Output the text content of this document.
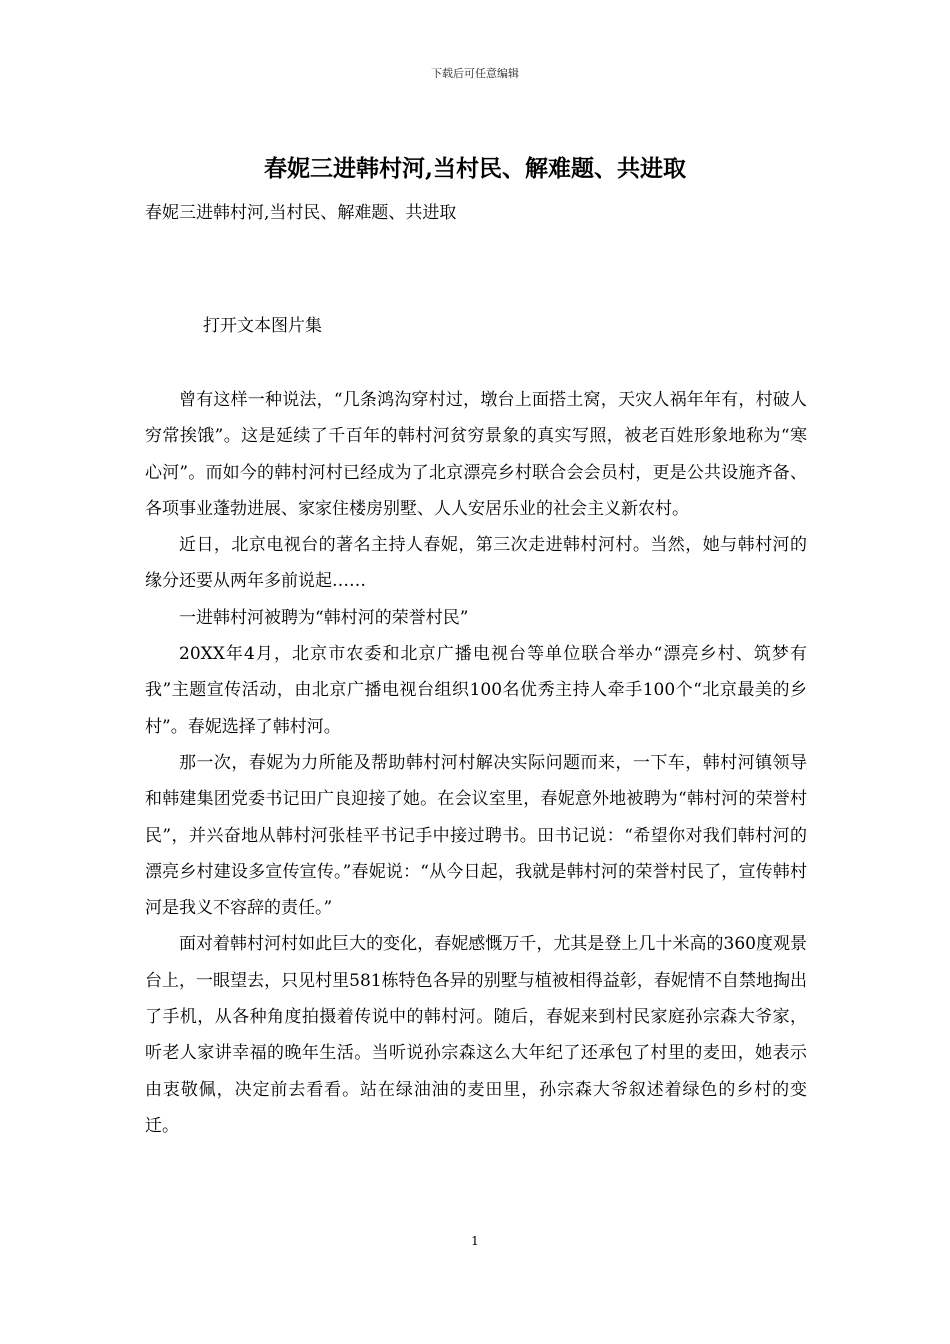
下载后可任意编辑
春妮三进韩村河,当村民、解难题、共进取
春妮三进韩村河,当村民、解难题、共进取
打开文本图片集

曾有这样一种说法，“几条鸿沟穿村过，墩台上面搭土窝，天灾人祸年年有，村破人穷常挨饿”。这是延续了千百年的韩村河贫穷景象的真实写照，被老百姓形象地称为“寒心河”。而如今的韩村河村已经成为了北京漂亮乡村联合会会员村，更是公共设施齐备、各项事业蓬勃进展、家家住楼房别墅、人人安居乐业的社会主义新农村。

近日，北京电视台的著名主持人春妮，第三次走进韩村河村。当然，她与韩村河的缘分还要从两年多前说起……

一进韩村河被聘为“韩村河的荣誉村民”

20XX年4月，北京市农委和北京广播电视台等单位联合举办“漂亮乡村、筑梦有我”主题宣传活动，由北京广播电视台组织100名优秀主持人牵手100个“北京最美的乡村”。春妮选择了韩村河。

那一次，春妮为力所能及帮助韩村河村解决实际问题而来，一下车，韩村河镇领导和韩建集团党委书记田广良迎接了她。在会议室里，春妮意外地被聘为“韩村河的荣誉村民”，并兴奋地从韩村河张桂平书记手中接过聘书。田书记说：“希望你对我们韩村河的漂亮乡村建设多宣传宣传。”春妮说：“从今日起，我就是韩村河的荣誉村民了，宣传韩村河是我义不容辞的责任。”

面对着韩村河村如此巨大的变化，春妮感慨万千，尤其是登上几十米高的360度观景台上，一眼望去，只见村里581栋特色各异的别墅与植被相得益彰，春妮情不自禁地掏出了手机，从各种角度拍摄着传说中的韩村河。随后，春妮来到村民家庭孙宗森大爷家，听老人家讲幸福的晚年生活。当听说孙宗森这么大年纪了还承包了村里的麦田，她表示由衷敬佩，决定前去看看。站在绿油油的麦田里，孙宗森大爷叙述着绿色的乡村的变迁。

1
